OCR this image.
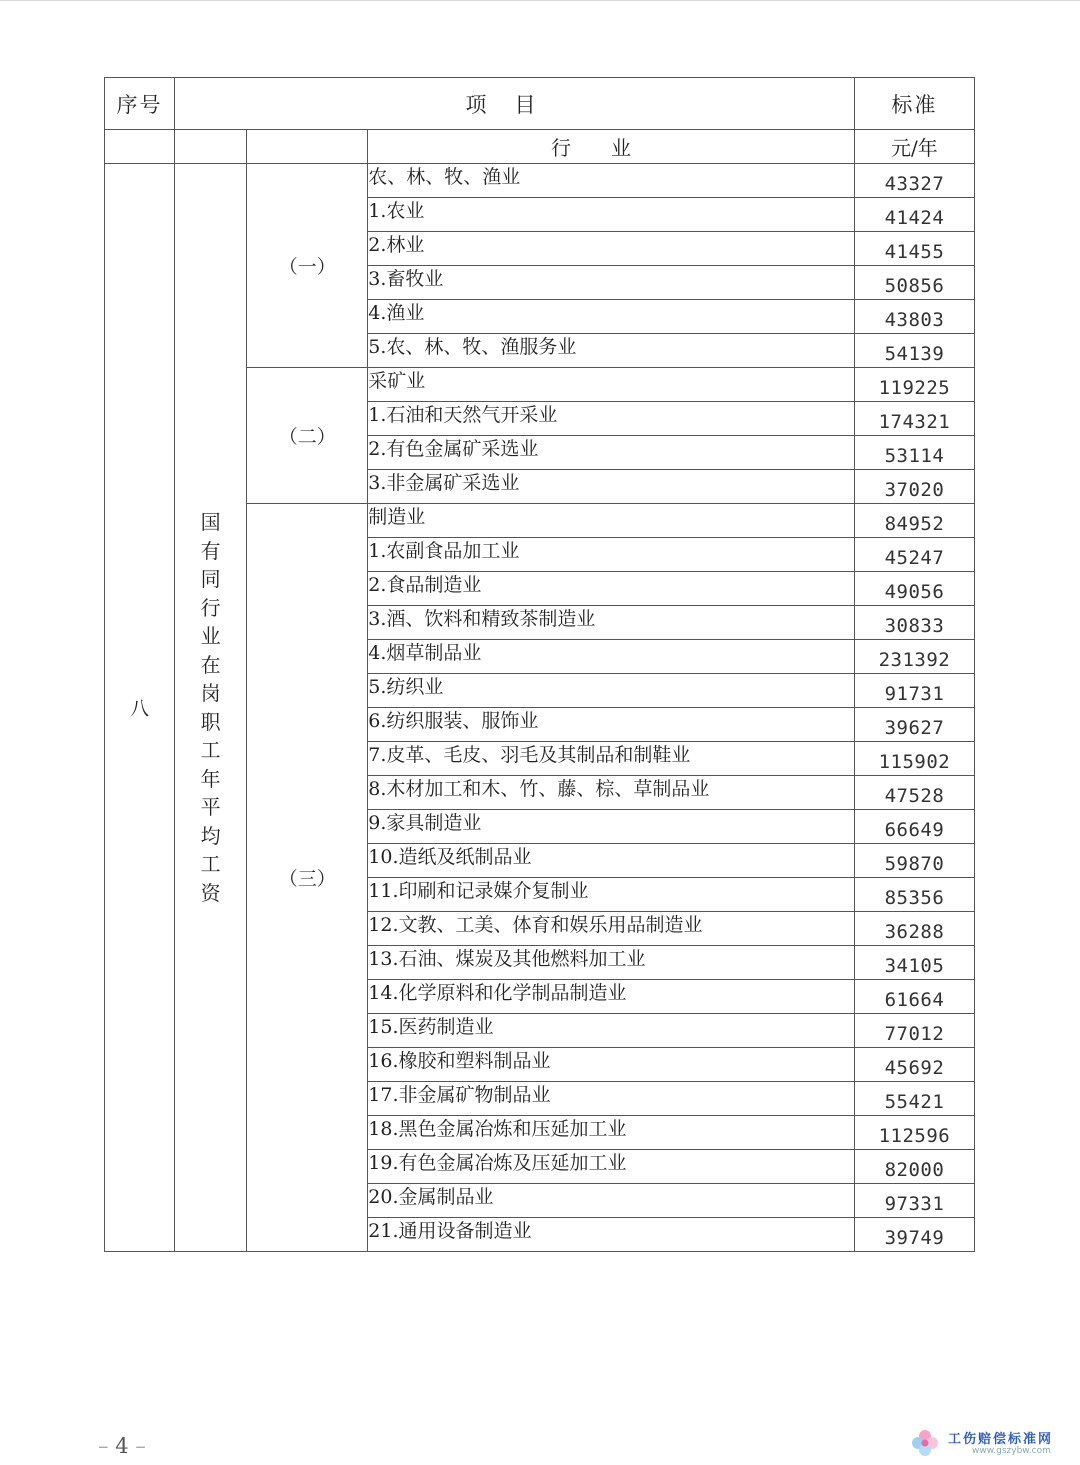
序号	项目			标准
			行业	元/年
八	国有同行业在岗职工年平均工资	（一）	农、林、牧、渔业	43327
			1.农业	41424
			2.林业	41455
			3.畜牧业	50856
			4.渔业	43803
			5.农、林、牧、渔服务业	54139
		（二）	采矿业	119225
			1.石油和天然气开采业	174321
			2.有色金属矿采选业	53114
			3.非金属矿采选业	37020
		（三）	制造业	84952
			1.农副食品加工业	45247
			2.食品制造业	49056
			3.酒、饮料和精致茶制造业	30833
			4.烟草制品业	231392
			5.纺织业	91731
			6.纺织服装、服饰业	39627
			7.皮革、毛皮、羽毛及其制品和制鞋业	115902
			8.木材加工和木、竹、藤、棕、草制品业	47528
			9.家具制造业	66649
			10.造纸及纸制品业	59870
			11.印刷和记录媒介复制业	85356
			12.文教、工美、体育和娱乐用品制造业	36288
			13.石油、煤炭及其他燃料加工业	34105
			14.化学原料和化学制品制造业	61664
			15.医药制造业	77012
			16.橡胶和塑料制品业	45692
			17.非金属矿物制品业	55421
			18.黑色金属冶炼和压延加工业	112596
			19.有色金属冶炼及压延加工业	82000
			20.金属制品业	97331
			21.通用设备制造业	39749
– 4 –	工伤赔偿标准网
www.gszybw.com
